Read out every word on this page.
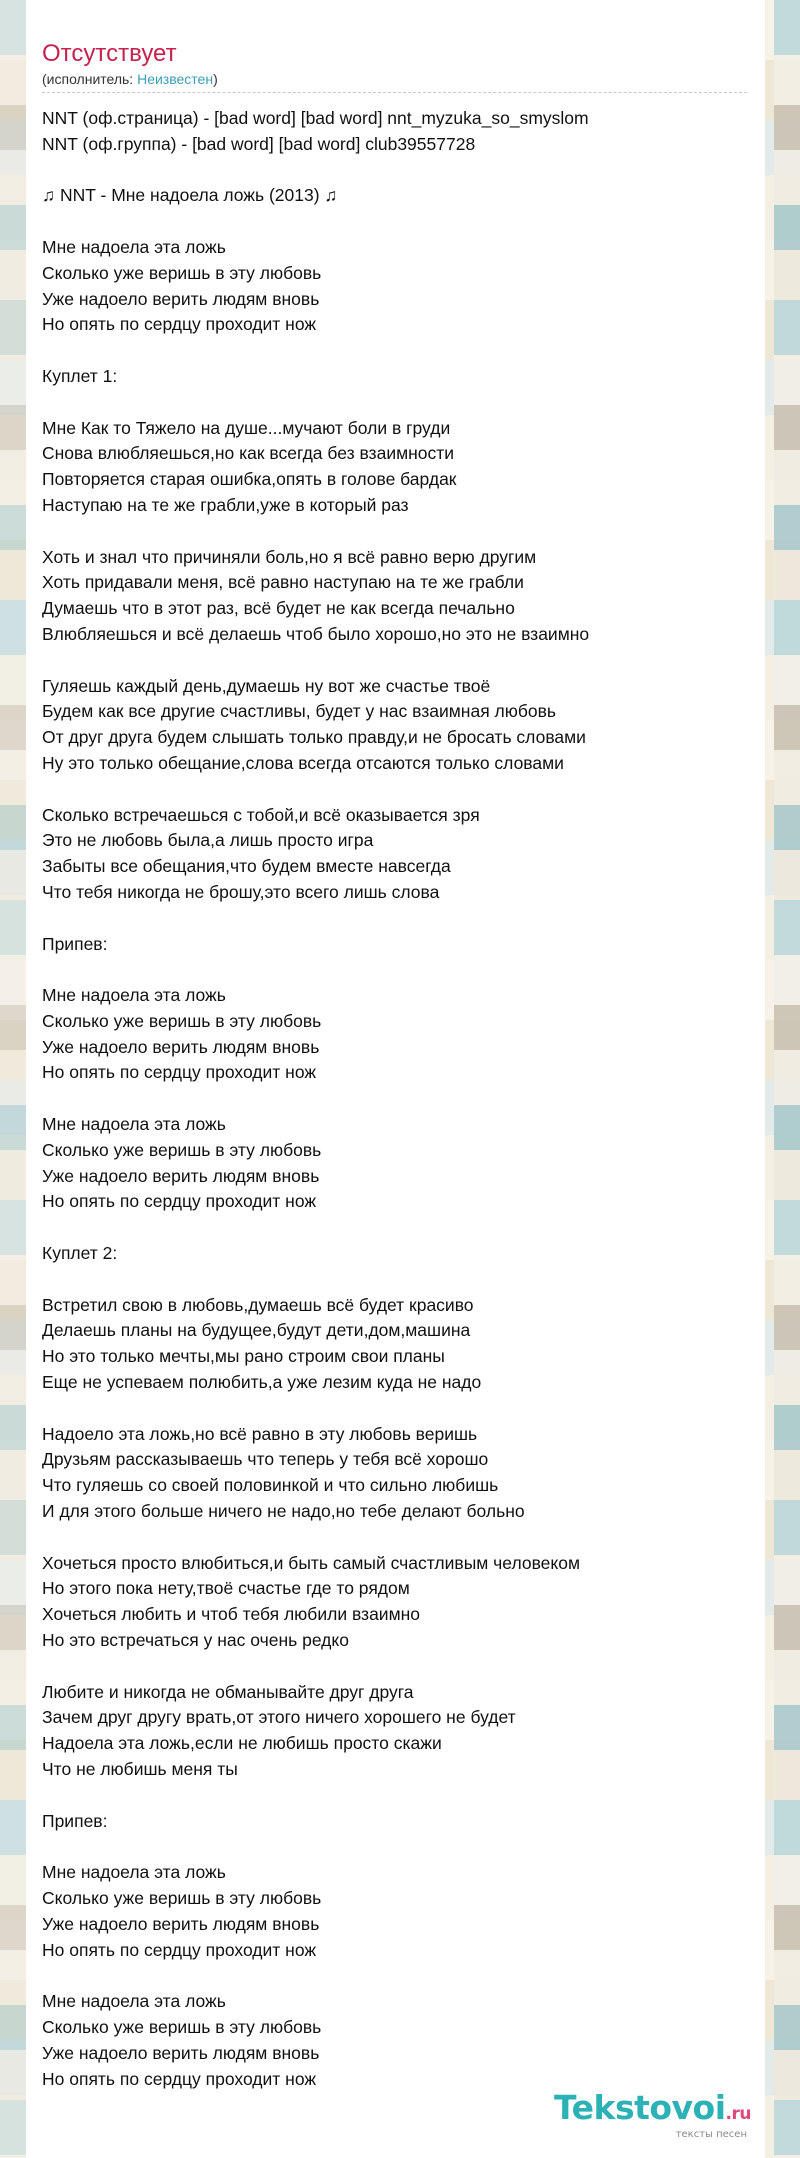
Отсутствует
(исполнитель: Неизвестен)
NNT (оф.страница) - [bad word] [bad word] nnt_myzuka_so_smyslom
NNT (оф.группа) - [bad word] [bad word] club39557728
♫ NNT - Мне надоела ложь (2013) ♫
Мне надоела эта ложь
Сколько уже веришь в эту любовь
Уже надоело верить людям вновь
Но опять по сердцу проходит нож
Куплет 1:
Мне Как то Тяжело на душе...мучают боли в груди
Снова влюбляешься,но как всегда без взаимности
Повторяется старая ошибка,опять в голове бардак
Наступаю на те же грабли,уже в который раз
Хоть и знал что причиняли боль,но я всё равно верю другим
Хоть придавали меня, всё равно наступаю на те же грабли
Думаешь что в этот раз, всё будет не как всегда печально
Влюбляешься и всё делаешь чтоб было хорошо,но это не взаимно
Гуляешь каждый день,думаешь ну вот же счастье твоё
Будем как все другие счастливы, будет у нас взаимная любовь
От друг друга будем слышать только правду,и не бросать словами
Ну это только обещание,слова всегда отсаются только словами
Сколько встречаешься с тобой,и всё оказывается зря
Это не любовь была,а лишь просто игра
Забыты все обещания,что будем вместе навсегда
Что тебя никогда не брошу,это всего лишь слова
Припев:
Мне надоела эта ложь
Сколько уже веришь в эту любовь
Уже надоело верить людям вновь
Но опять по сердцу проходит нож
Мне надоела эта ложь
Сколько уже веришь в эту любовь
Уже надоело верить людям вновь
Но опять по сердцу проходит нож
Куплет 2:
Встретил свою в любовь,думаешь всё будет красиво
Делаешь планы на будущее,будут дети,дом,машина
Но это только мечты,мы рано строим свои планы
Еще не успеваем полюбить,а уже лезим куда не надо
Надоело эта ложь,но всё равно в эту любовь веришь
Друзьям рассказываешь что теперь у тебя всё хорошо
Что гуляешь со своей половинкой и что сильно любишь
И для этого больше ничего не надо,но тебе делают больно
Хочеться просто влюбиться,и быть самый счастливым человеком
Но этого пока нету,твоё счастье где то рядом
Хочеться любить и чтоб тебя любили взаимно
Но это встречаться у нас очень редко
Любите и никогда не обманывайте друг друга
Зачем друг другу врать,от этого ничего хорошего не будет
Надоела эта ложь,если не любишь просто скажи
Что не любишь меня ты
Припев:
Мне надоела эта ложь
Сколько уже веришь в эту любовь
Уже надоело верить людям вновь
Но опять по сердцу проходит нож
Мне надоела эта ложь
Сколько уже веришь в эту любовь
Уже надоело верить людям вновь
Но опять по сердцу проходит нож
Tekstovoi.ru
тексты песен
